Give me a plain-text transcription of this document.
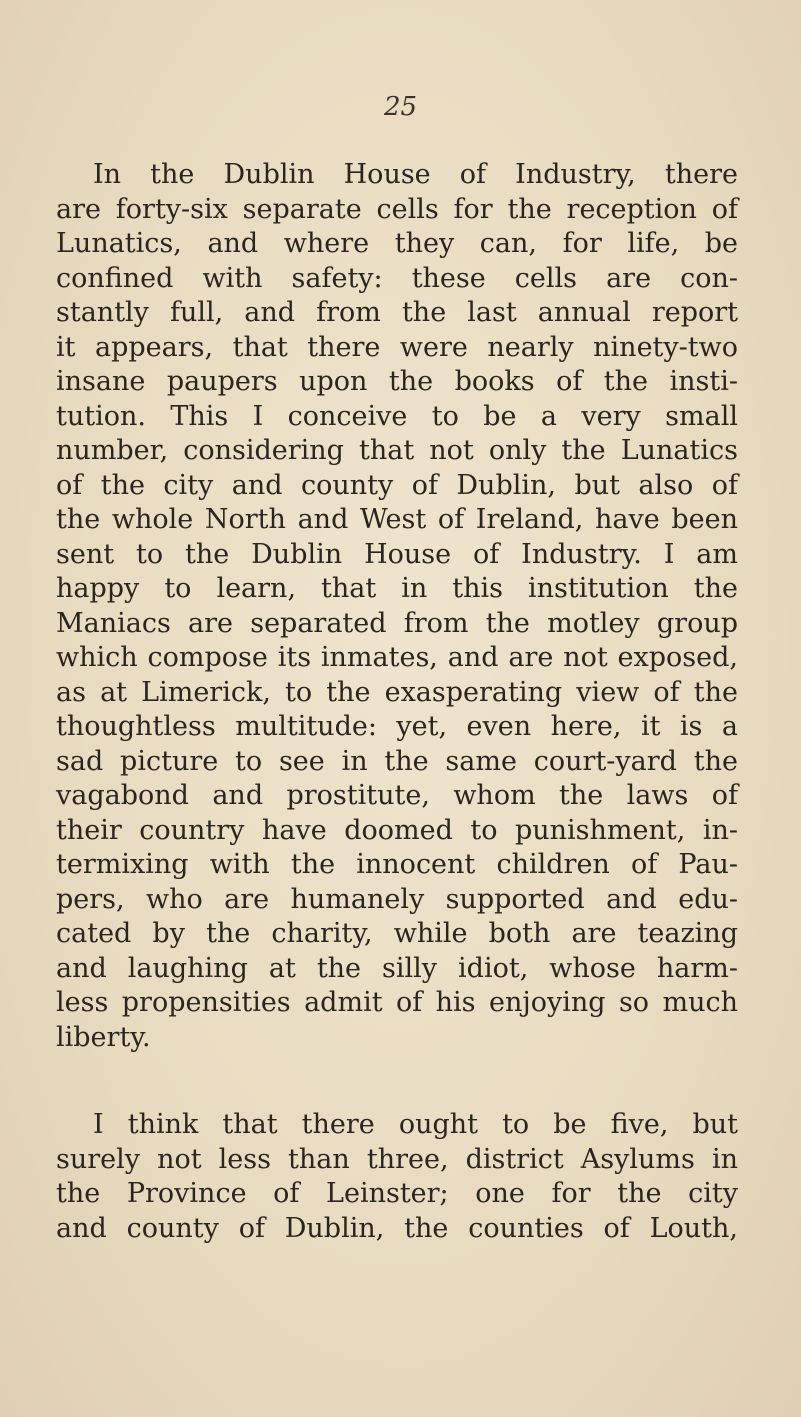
25
In the Dublin House of Industry, there
are forty-six separate cells for the reception of
Lunatics, and where they can, for life, be
confined with safety: these cells are con-
stantly full, and from the last annual report
it appears, that there were nearly ninety-two
insane paupers upon the books of the insti-
tution. This I conceive to be a very small
number, considering that not only the Lunatics
of the city and county of Dublin, but also of
the whole North and West of Ireland, have been
sent to the Dublin House of Industry. I am
happy to learn, that in this institution the
Maniacs are separated from the motley group
which compose its inmates, and are not exposed,
as at Limerick, to the exasperating view of the
thoughtless multitude: yet, even here, it is a
sad picture to see in the same court-yard the
vagabond and prostitute, whom the laws of
their country have doomed to punishment, in-
termixing with the innocent children of Pau-
pers, who are humanely supported and edu-
cated by the charity, while both are teazing
and laughing at the silly idiot, whose harm-
less propensities admit of his enjoying so much
liberty.
I think that there ought to be five, but
surely not less than three, district Asylums in
the Province of Leinster; one for the city
and county of Dublin, the counties of Louth,
